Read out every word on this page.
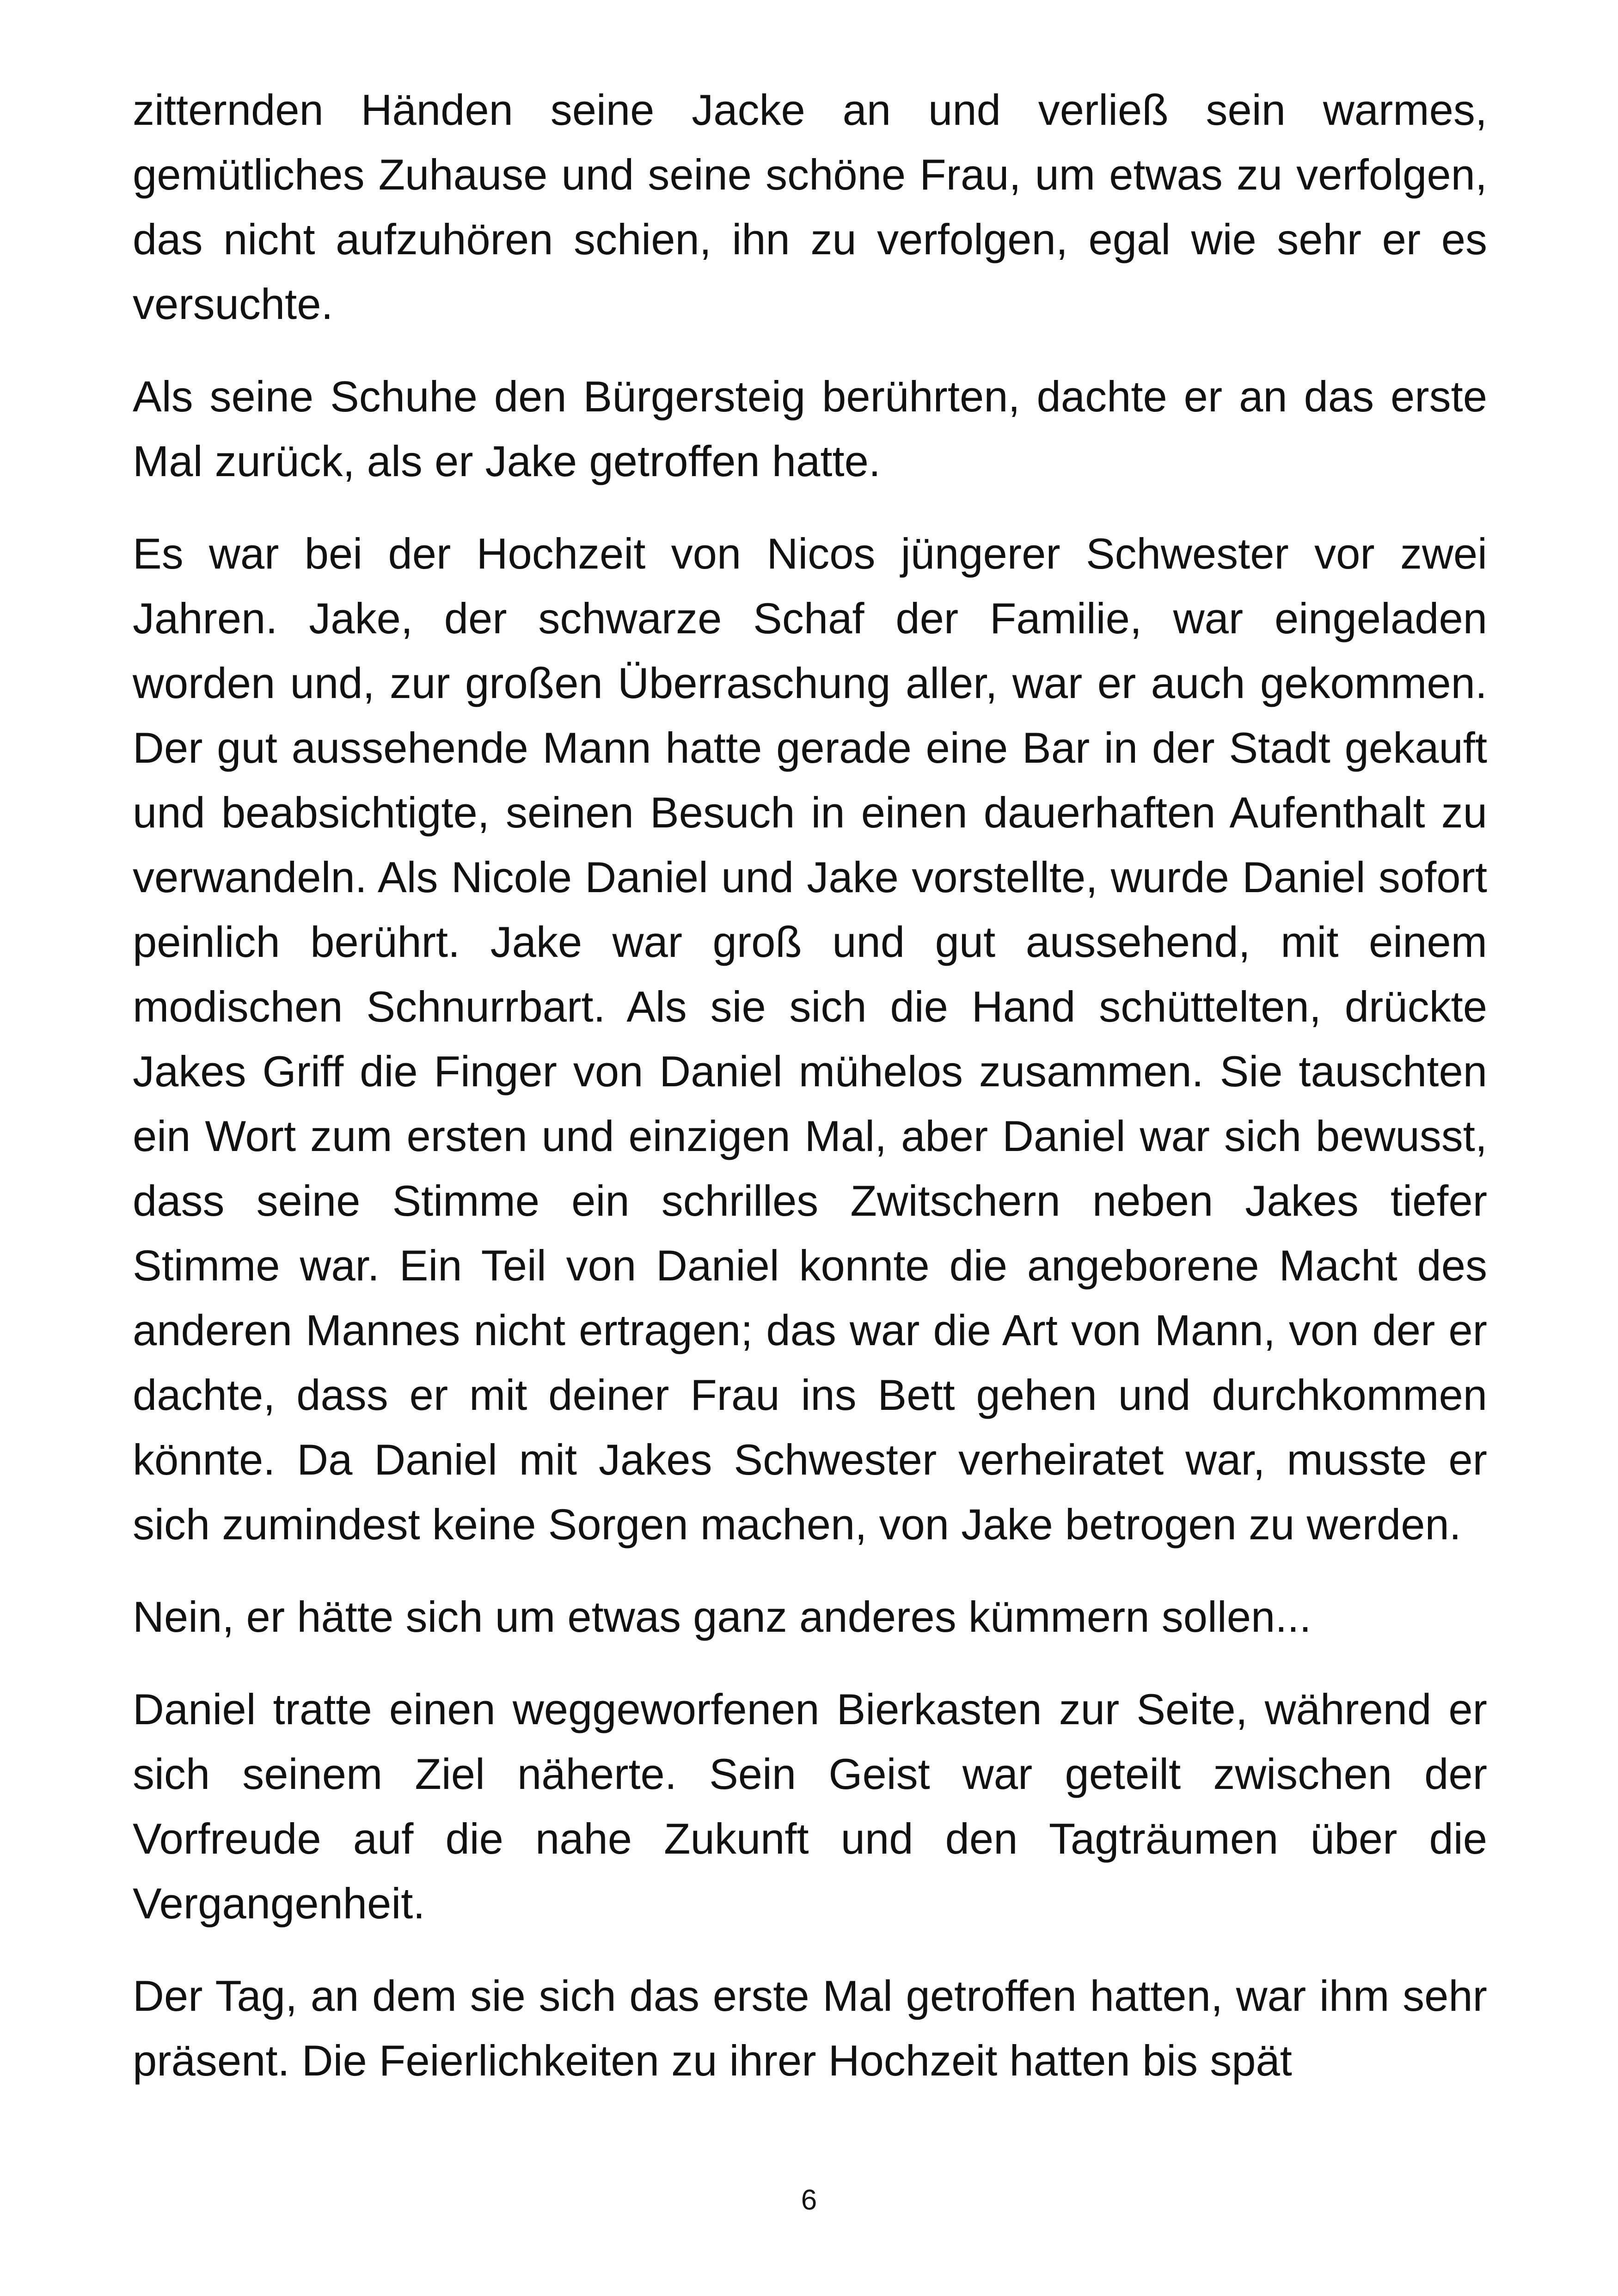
zitternden Händen seine Jacke an und verließ sein warmes, gemütliches Zuhause und seine schöne Frau, um etwas zu verfolgen, das nicht aufzuhören schien, ihn zu verfolgen, egal wie sehr er es versuchte.

Als seine Schuhe den Bürgersteig berührten, dachte er an das erste Mal zurück, als er Jake getroffen hatte.

Es war bei der Hochzeit von Nicos jüngerer Schwester vor zwei Jahren. Jake, der schwarze Schaf der Familie, war eingeladen worden und, zur großen Überraschung aller, war er auch gekommen. Der gut aussehende Mann hatte gerade eine Bar in der Stadt gekauft und beabsichtigte, seinen Besuch in einen dauerhaften Aufenthalt zu verwandeln. Als Nicole Daniel und Jake vorstellte, wurde Daniel sofort peinlich berührt. Jake war groß und gut aussehend, mit einem modischen Schnurrbart. Als sie sich die Hand schüttelten, drückte Jakes Griff die Finger von Daniel mühelos zusammen. Sie tauschten ein Wort zum ersten und einzigen Mal, aber Daniel war sich bewusst, dass seine Stimme ein schrilles Zwitschern neben Jakes tiefer Stimme war. Ein Teil von Daniel konnte die angeborene Macht des anderen Mannes nicht ertragen; das war die Art von Mann, von der er dachte, dass er mit deiner Frau ins Bett gehen und durchkommen könnte. Da Daniel mit Jakes Schwester verheiratet war, musste er sich zumindest keine Sorgen machen, von Jake betrogen zu werden.

Nein, er hätte sich um etwas ganz anderes kümmern sollen...

Daniel tratte einen weggeworfenen Bierkasten zur Seite, während er sich seinem Ziel näherte. Sein Geist war geteilt zwischen der Vorfreude auf die nahe Zukunft und den Tagträumen über die Vergangenheit.

Der Tag, an dem sie sich das erste Mal getroffen hatten, war ihm sehr präsent. Die Feierlichkeiten zu ihrer Hochzeit hatten bis spät

6
